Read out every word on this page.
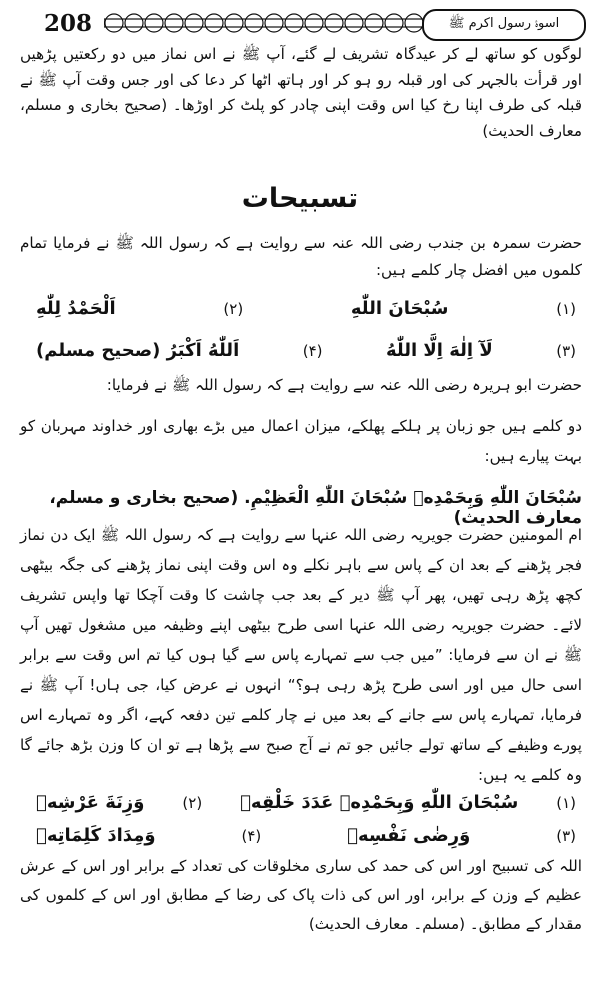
208	اسوۂ رسول اکرم ﷺ
لوگوں کو ساتھ لے کر عیدگاہ تشریف لے گئے، آپ ﷺ نے اس نماز میں دو رکعتیں پڑھیں اور قرأت بالجہر کی اور قبلہ رو ہو کر اور ہاتھ اٹھا کر دعا کی اور جس وقت آپ ﷺ نے قبلہ کی طرف اپنا رخ کیا اس وقت اپنی چادر کو پلٹ کر اوڑھا۔ (صحیح بخاری و مسلم، معارف الحدیث)
تسبیحات
حضرت سمرہ بن جندب رضی اللہ عنہ سے روایت ہے کہ رسول اللہ ﷺ نے فرمایا تمام کلموں میں افضل چار کلمے ہیں:
(۱)
سُبْحَانَ اللّٰهِ
(۲)
اَلْحَمْدُ لِلّٰهِ
(۳)
لَآ اِلٰهَ اِلَّا اللّٰهُ
(۴)
اَللّٰهُ اَكْبَرُ (صحیح مسلم)
حضرت ابو ہریرہ رضی اللہ عنہ سے روایت ہے کہ رسول اللہ ﷺ نے فرمایا:
دو کلمے ہیں جو زبان پر ہلکے پھلکے، میزان اعمال میں بڑے بھاری اور خداوند مہربان کو بہت پیارے ہیں:
سُبْحَانَ اللّٰهِ وَبِحَمْدِهٖ سُبْحَانَ اللّٰهِ الْعَظِيْمِ. (صحیح بخاری و مسلم، معارف الحدیث)
ام المومنین حضرت جویریہ رضی اللہ عنہا سے روایت ہے کہ رسول اللہ ﷺ ایک دن نماز فجر پڑھنے کے بعد ان کے پاس سے باہر نکلے وہ اس وقت اپنی نماز پڑھنے کی جگہ بیٹھی کچھ پڑھ رہی تھیں، پھر آپ ﷺ دیر کے بعد جب چاشت کا وقت آچکا تھا واپس تشریف لائے۔ حضرت جویریہ رضی اللہ عنہا اسی طرح بیٹھی اپنے وظیفہ میں مشغول تھیں آپ ﷺ نے ان سے فرمایا: ”میں جب سے تمہارے پاس سے گیا ہوں کیا تم اس وقت سے برابر اسی حال میں اور اسی طرح پڑھ رہی ہو؟“ انہوں نے عرض کیا، جی ہاں! آپ ﷺ نے فرمایا، تمہارے پاس سے جانے کے بعد میں نے چار کلمے تین دفعہ کہے، اگر وہ تمہارے اس پورے وظیفے کے ساتھ تولے جائیں جو تم نے آج صبح سے پڑھا ہے تو ان کا وزن بڑھ جائے گا وہ کلمے یہ ہیں:
(۱)
سُبْحَانَ اللّٰهِ وَبِحَمْدِهٖ عَدَدَ خَلْقِهٖ
(۲)
وَزِنَةَ عَرْشِهٖ
(۳)
وَرِضٰى نَفْسِهٖ
(۴)
وَمِدَادَ كَلِمَاتِهٖ
اللہ کی تسبیح اور اس کی حمد کی ساری مخلوقات کی تعداد کے برابر اور اس کے عرش عظیم کے وزن کے برابر، اور اس کی ذات پاک کی رضا کے مطابق اور اس کے کلموں کی مقدار کے مطابق۔ (مسلم۔ معارف الحدیث)
